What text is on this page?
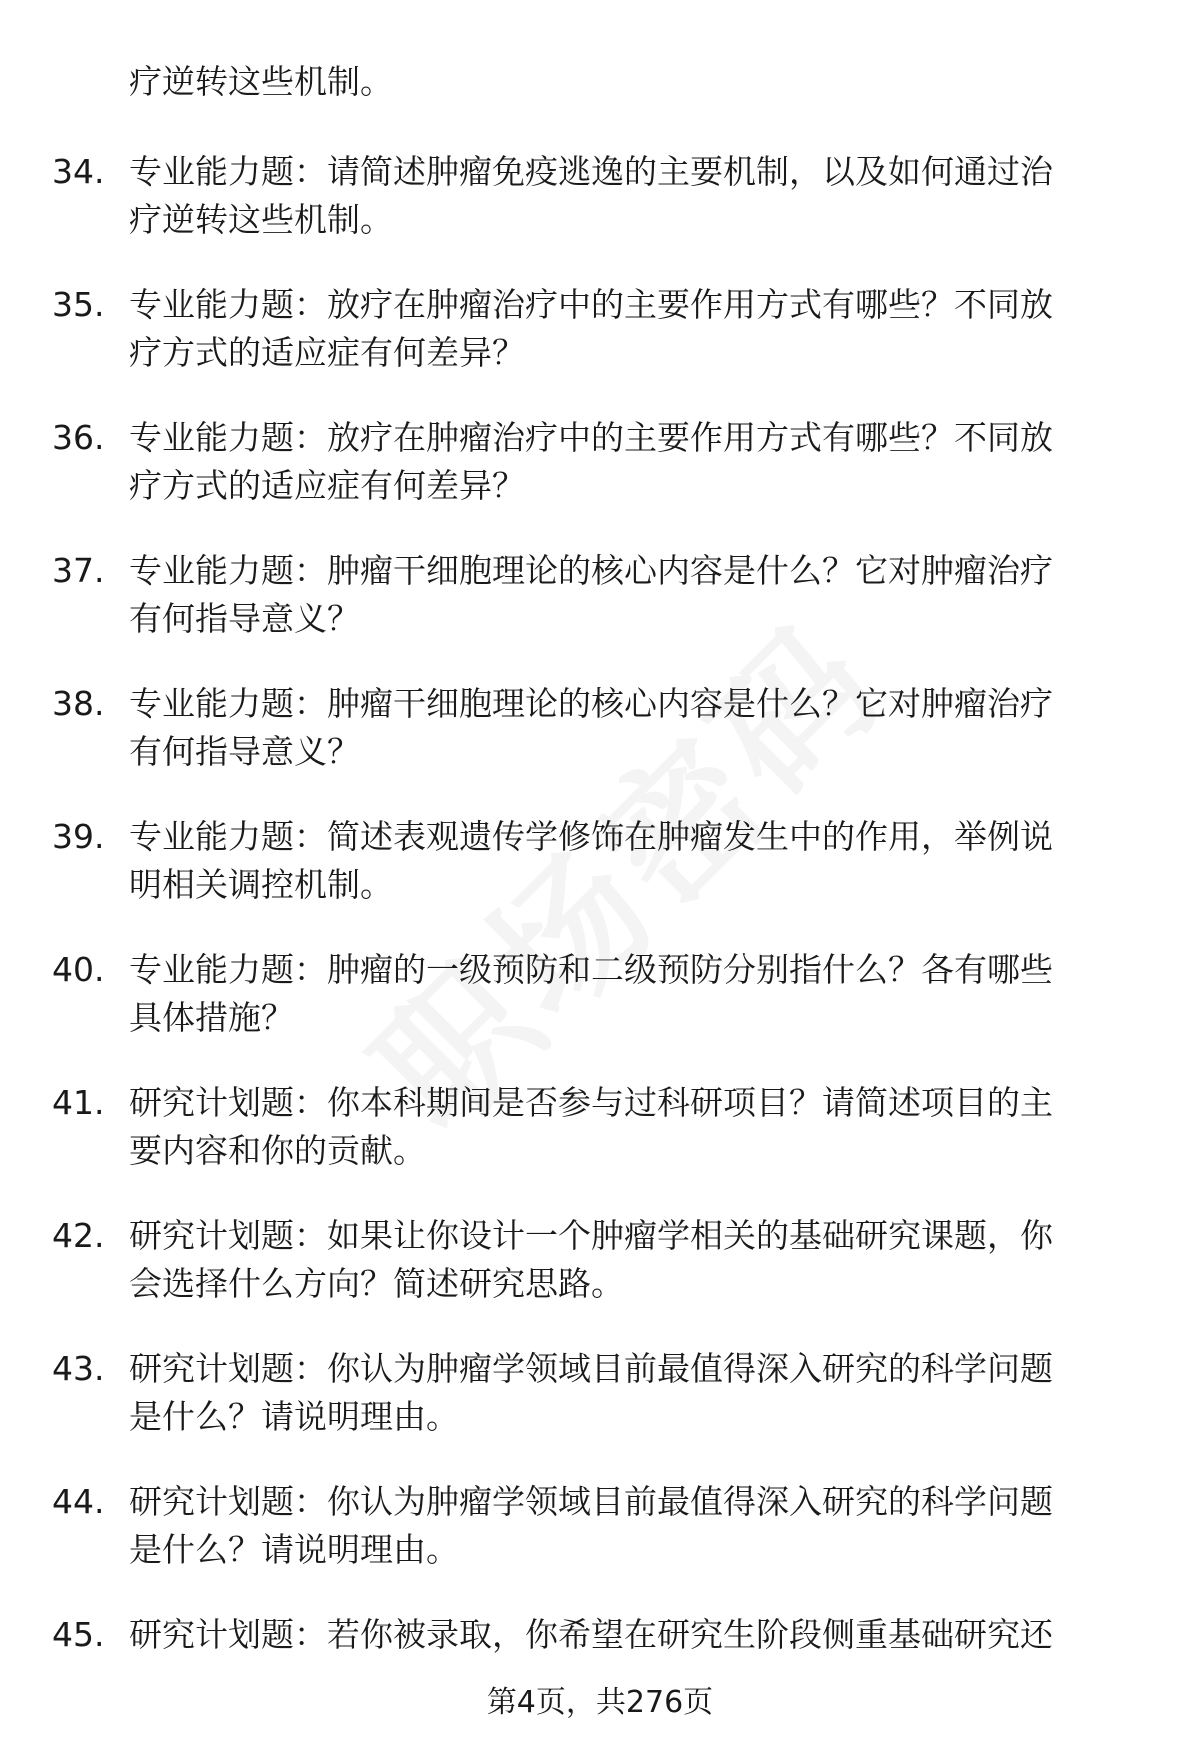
疗逆转这些机制。

34. 专业能力题：请简述肿瘤免疫逃逸的主要机制，以及如何通过治
疗逆转这些机制。
35. 专业能力题：放疗在肿瘤治疗中的主要作用方式有哪些？不同放
疗方式的适应症有何差异？
36. 专业能力题：放疗在肿瘤治疗中的主要作用方式有哪些？不同放
疗方式的适应症有何差异？
37. 专业能力题：肿瘤干细胞理论的核心内容是什么？它对肿瘤治疗
有何指导意义？
38. 专业能力题：肿瘤干细胞理论的核心内容是什么？它对肿瘤治疗
有何指导意义？
39. 专业能力题：简述表观遗传学修饰在肿瘤发生中的作用，举例说
明相关调控机制。
40. 专业能力题：肿瘤的一级预防和二级预防分别指什么？各有哪些
具体措施？
41. 研究计划题：你本科期间是否参与过科研项目？请简述项目的主
要内容和你的贡献。
42. 研究计划题：如果让你设计一个肿瘤学相关的基础研究课题，你
会选择什么方向？简述研究思路。
43. 研究计划题：你认为肿瘤学领域目前最值得深入研究的科学问题
是什么？请说明理由。
44. 研究计划题：你认为肿瘤学领域目前最值得深入研究的科学问题
是什么？请说明理由。
45. 研究计划题：若你被录取，你希望在研究生阶段侧重基础研究还
第4页，共276页
